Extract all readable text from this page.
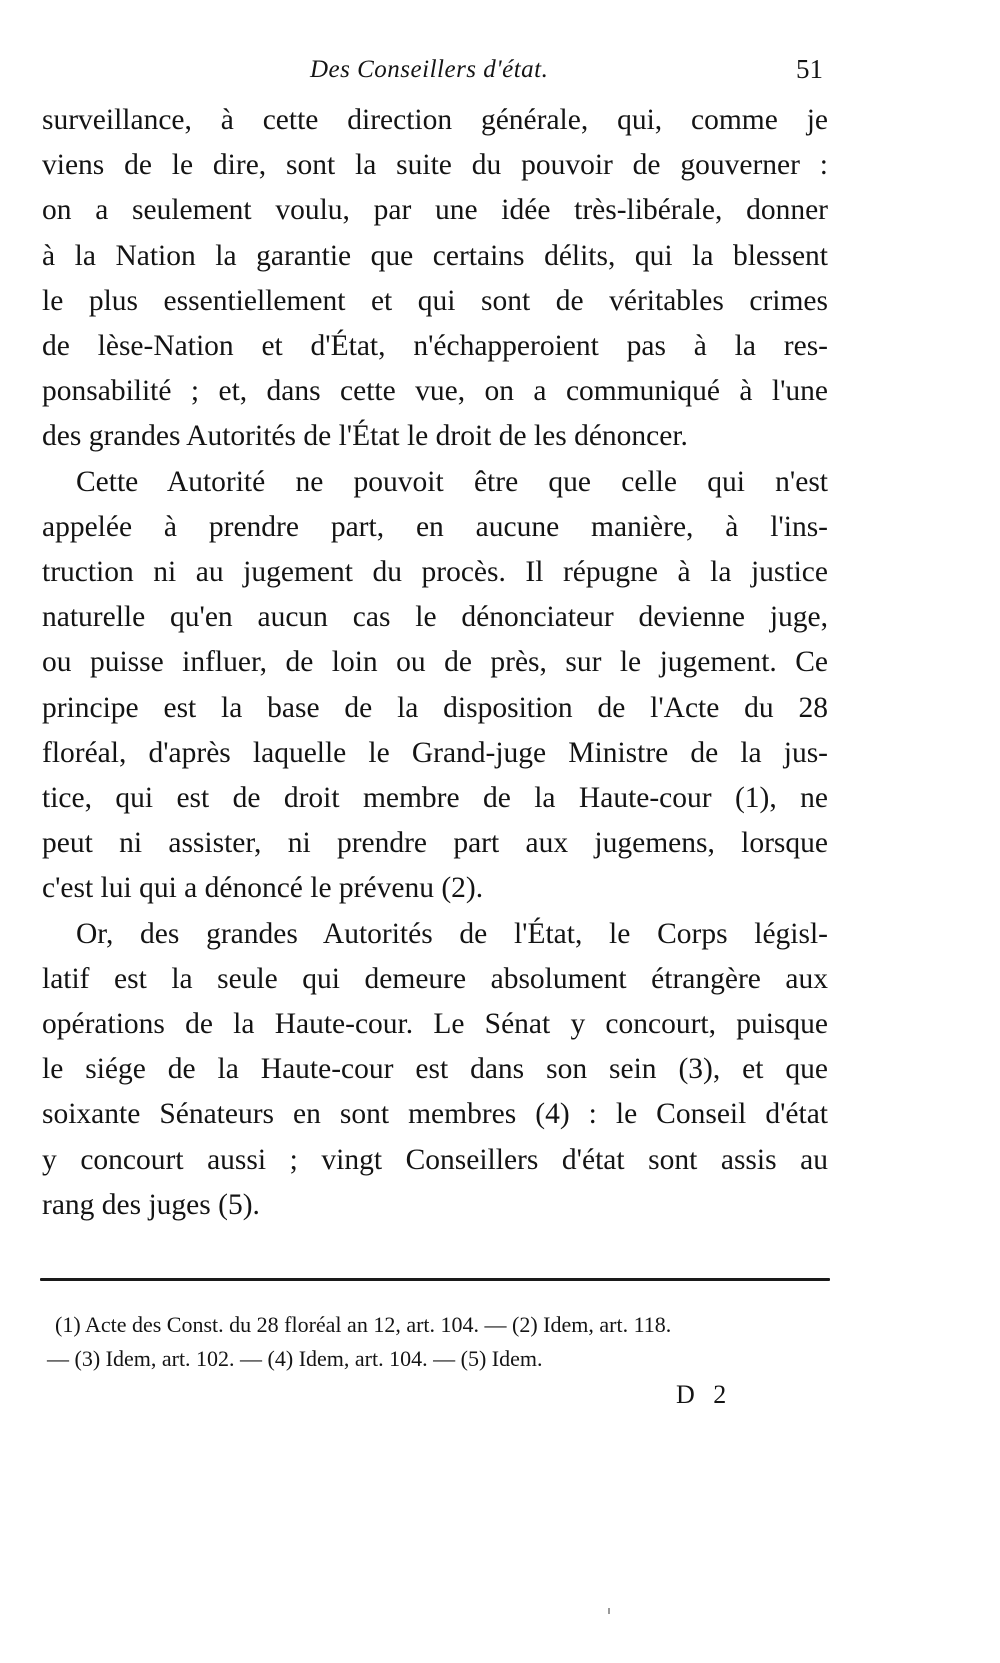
Des Conseillers d'état.	51

surveillance, à cette direction générale, qui, comme je
viens de le dire, sont la suite du pouvoir de gouverner :
on a seulement voulu, par une idée très-libérale, donner
à la Nation la garantie que certains délits, qui la blessent
le plus essentiellement et qui sont de véritables crimes
de lèse-Nation et d'État, n'échapperoient pas à la res-
ponsabilité ; et, dans cette vue, on a communiqué à l'une
des grandes Autorités de l'État le droit de les dénoncer.

Cette Autorité ne pouvoit être que celle qui n'est
appelée à prendre part, en aucune manière, à l'ins-
truction ni au jugement du procès. Il répugne à la justice
naturelle qu'en aucun cas le dénonciateur devienne juge,
ou puisse influer, de loin ou de près, sur le jugement. Ce
principe est la base de la disposition de l'Acte du 28
floréal, d'après laquelle le Grand-juge Ministre de la jus-
tice, qui est de droit membre de la Haute-cour (1), ne
peut ni assister, ni prendre part aux jugemens, lorsque
c'est lui qui a dénoncé le prévenu (2).

Or, des grandes Autorités de l'État, le Corps législ-
latif est la seule qui demeure absolument étrangère aux
opérations de la Haute-cour. Le Sénat y concourt, puisque
le siége de la Haute-cour est dans son sein (3), et que
soixante Sénateurs en sont membres (4) : le Conseil d'état
y concourt aussi ; vingt Conseillers d'état sont assis au
rang des juges (5).

(1) Acte des Const. du 28 floréal an 12, art. 104. — (2) Idem, art. 118.
— (3) Idem, art. 102. — (4) Idem, art. 104. — (5) Idem.
D 2
